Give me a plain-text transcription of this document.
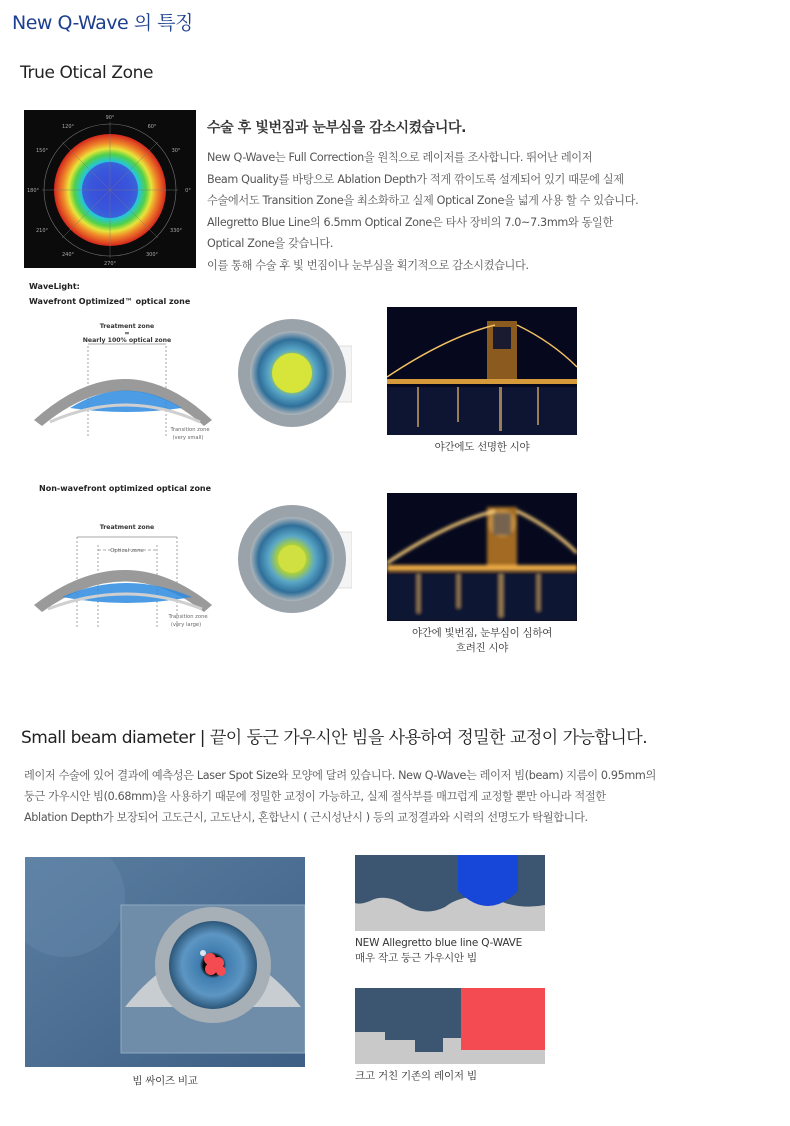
New Q-Wave 의 특징
True Otical Zone
90°
60°
120°
30°
150°
0°
180°
330°
210°
300°
240°
270°
수술 후 빛번짐과 눈부심을 감소시켰습니다.
New Q-Wave는 Full Correction을 원칙으로 레이저를 조사합니다. 뛰어난 레이저
Beam Quality를 바탕으로 Ablation Depth가 적게 깎이도록 설계되어 있기 때문에 실제
수술에서도 Transition Zone을 최소화하고 실제 Optical Zone을 넓게 사용 할 수 있습니다.
Allegretto Blue Line의 6.5mm Optical Zone은 타사 장비의 7.0~7.3mm와 동일한
Optical Zone을 갖습니다.
이를 통해 수술 후 빛 번짐이나 눈부심을 획기적으로 감소시켰습니다.
WaveLight:
Wavefront Optimized™ optical zone
Treatment zone
=
Nearly 100% optical zone
Transition zone
(very small)
야간에도 선명한 시야
Non-wavefront optimized optical zone
Treatment zone
Optical zone
Transition zone
(very large)
야간에 빛번짐, 눈부심이 심하여
흐려진 시야
Small beam diameter | 끝이 둥근 가우시안 빔을 사용하여 정밀한 교정이 가능합니다.
레이저 수술에 있어 결과에 예측성은 Laser Spot Size와 모양에 달려 있습니다. New Q-Wave는 레이저 빔(beam) 지름이 0.95mm의
둥근 가우시안 빔(0.68mm)을 사용하기 때문에 정밀한 교정이 가능하고, 실제 절삭부를 매끄럽게 교정할 뿐만 아니라 적절한
Ablation Depth가 보장되어 고도근시, 고도난시, 혼합난시 ( 근시성난시 ) 등의 교정결과와 시력의 선명도가 탁월합니다.
빔 싸이즈 비교
NEW Allegretto blue line Q-WAVE
매우 작고 둥근 가우시안 빔
크고 거친 기존의 레이저 빔
